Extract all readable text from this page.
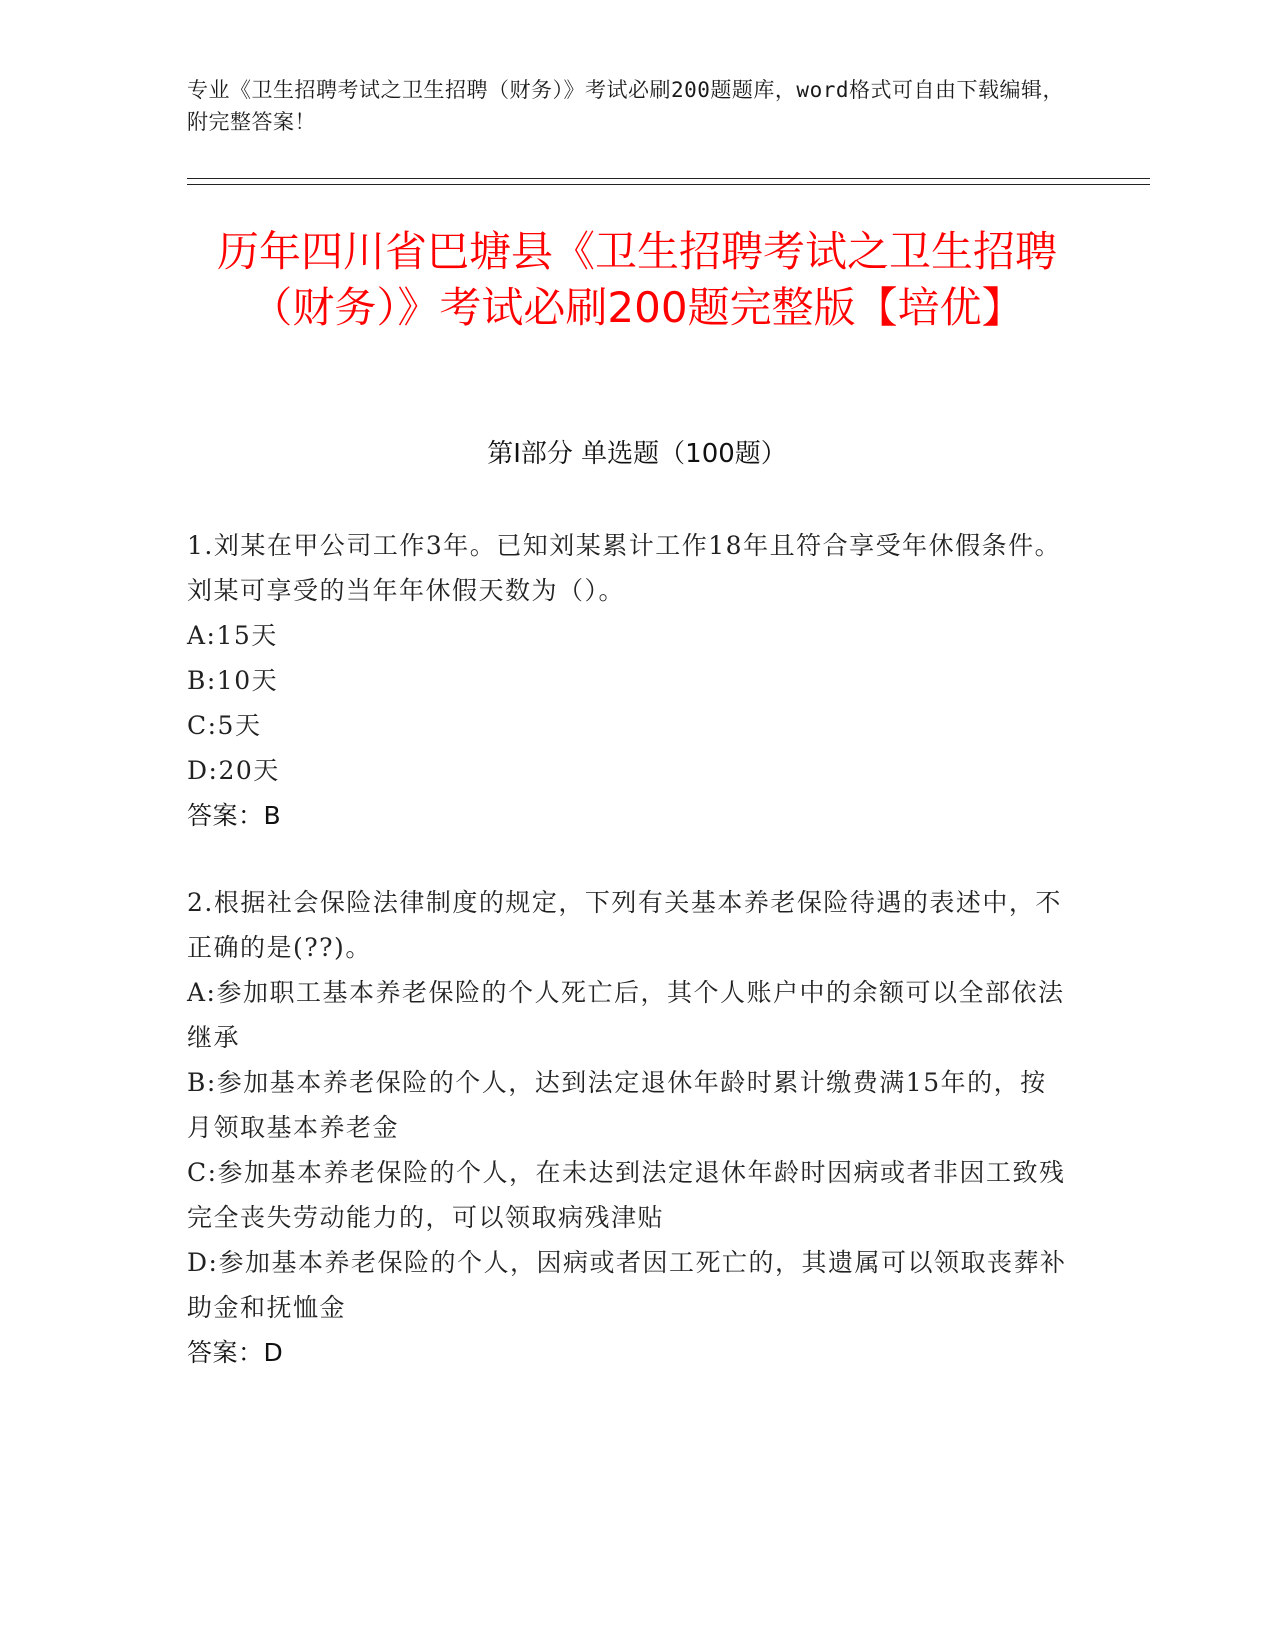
专业《卫生招聘考试之卫生招聘（财务）》考试必刷200题题库，word格式可自由下载编辑，附完整答案！
历年四川省巴塘县《卫生招聘考试之卫生招聘（财务）》考试必刷200题完整版【培优】
第I部分 单选题（100题）
1.刘某在甲公司工作3年。已知刘某累计工作18年且符合享受年休假条件。刘某可享受的当年年休假天数为（）。
A:15天
B:10天
C:5天
D:20天
答案：B
2.根据社会保险法律制度的规定，下列有关基本养老保险待遇的表述中，不正确的是(??)。
A:参加职工基本养老保险的个人死亡后，其个人账户中的余额可以全部依法继承
B:参加基本养老保险的个人，达到法定退休年龄时累计缴费满15年的，按月领取基本养老金
C:参加基本养老保险的个人，在未达到法定退休年龄时因病或者非因工致残完全丧失劳动能力的，可以领取病残津贴
D:参加基本养老保险的个人，因病或者因工死亡的，其遗属可以领取丧葬补助金和抚恤金
答案：D
